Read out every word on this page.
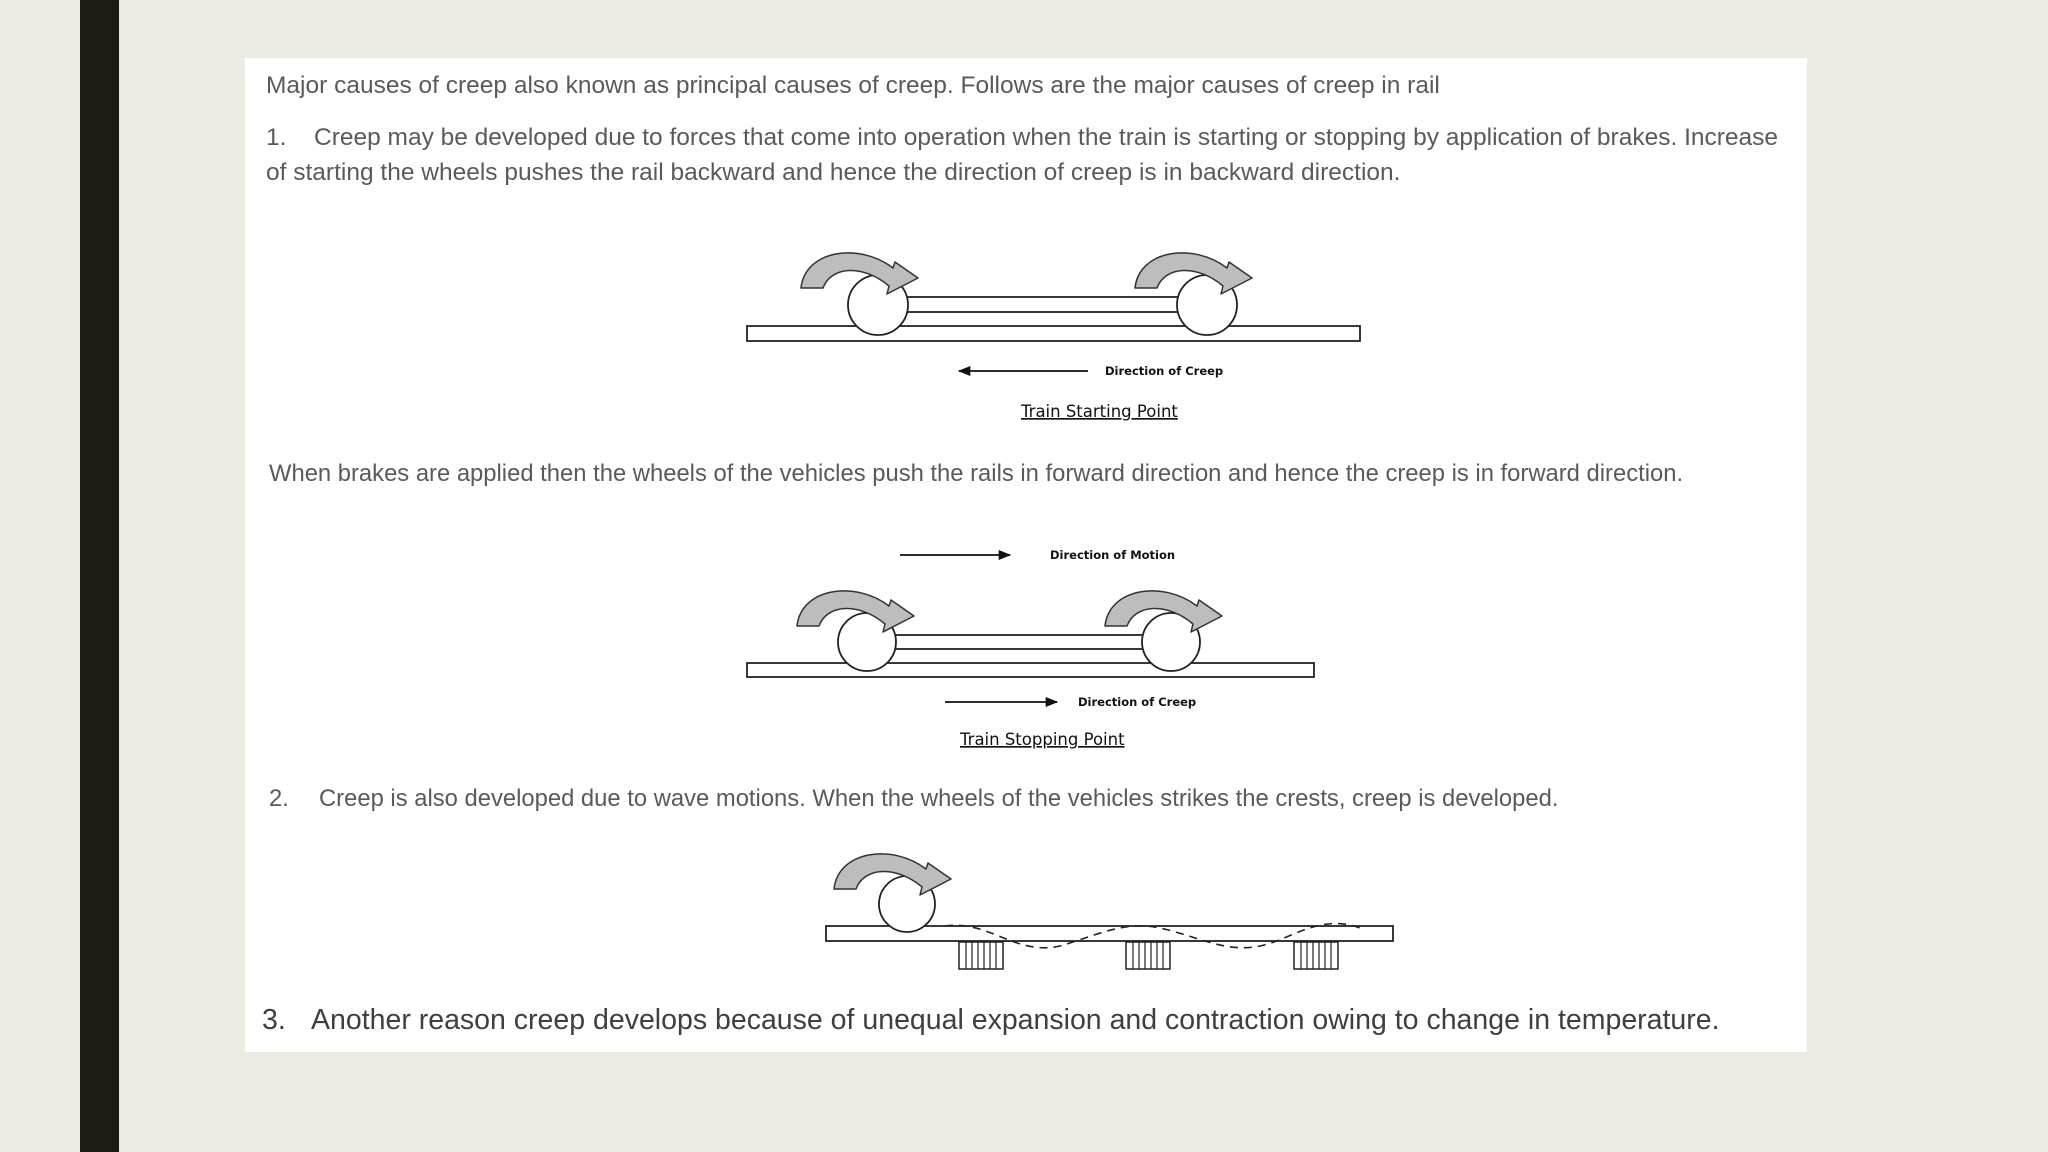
Major causes of creep also known as principal causes of creep. Follows are the major causes of creep in rail

1. Creep may be developed due to forces that come into operation when the train is starting or stopping by application of brakes. Increase of starting the wheels pushes the rail backward and hence the direction of creep is in backward direction.

When brakes are applied then the wheels of the vehicles push the rails in forward direction and hence the creep is in forward direction.

2. Creep is also developed due to wave motions. When the wheels of the vehicles strikes the crests, creep is developed.

3. Another reason creep develops because of unequal expansion and contraction owing to change in temperature.

Direction of Creep
Train Starting Point
Direction of Motion
Direction of Creep
Train Stopping Point
